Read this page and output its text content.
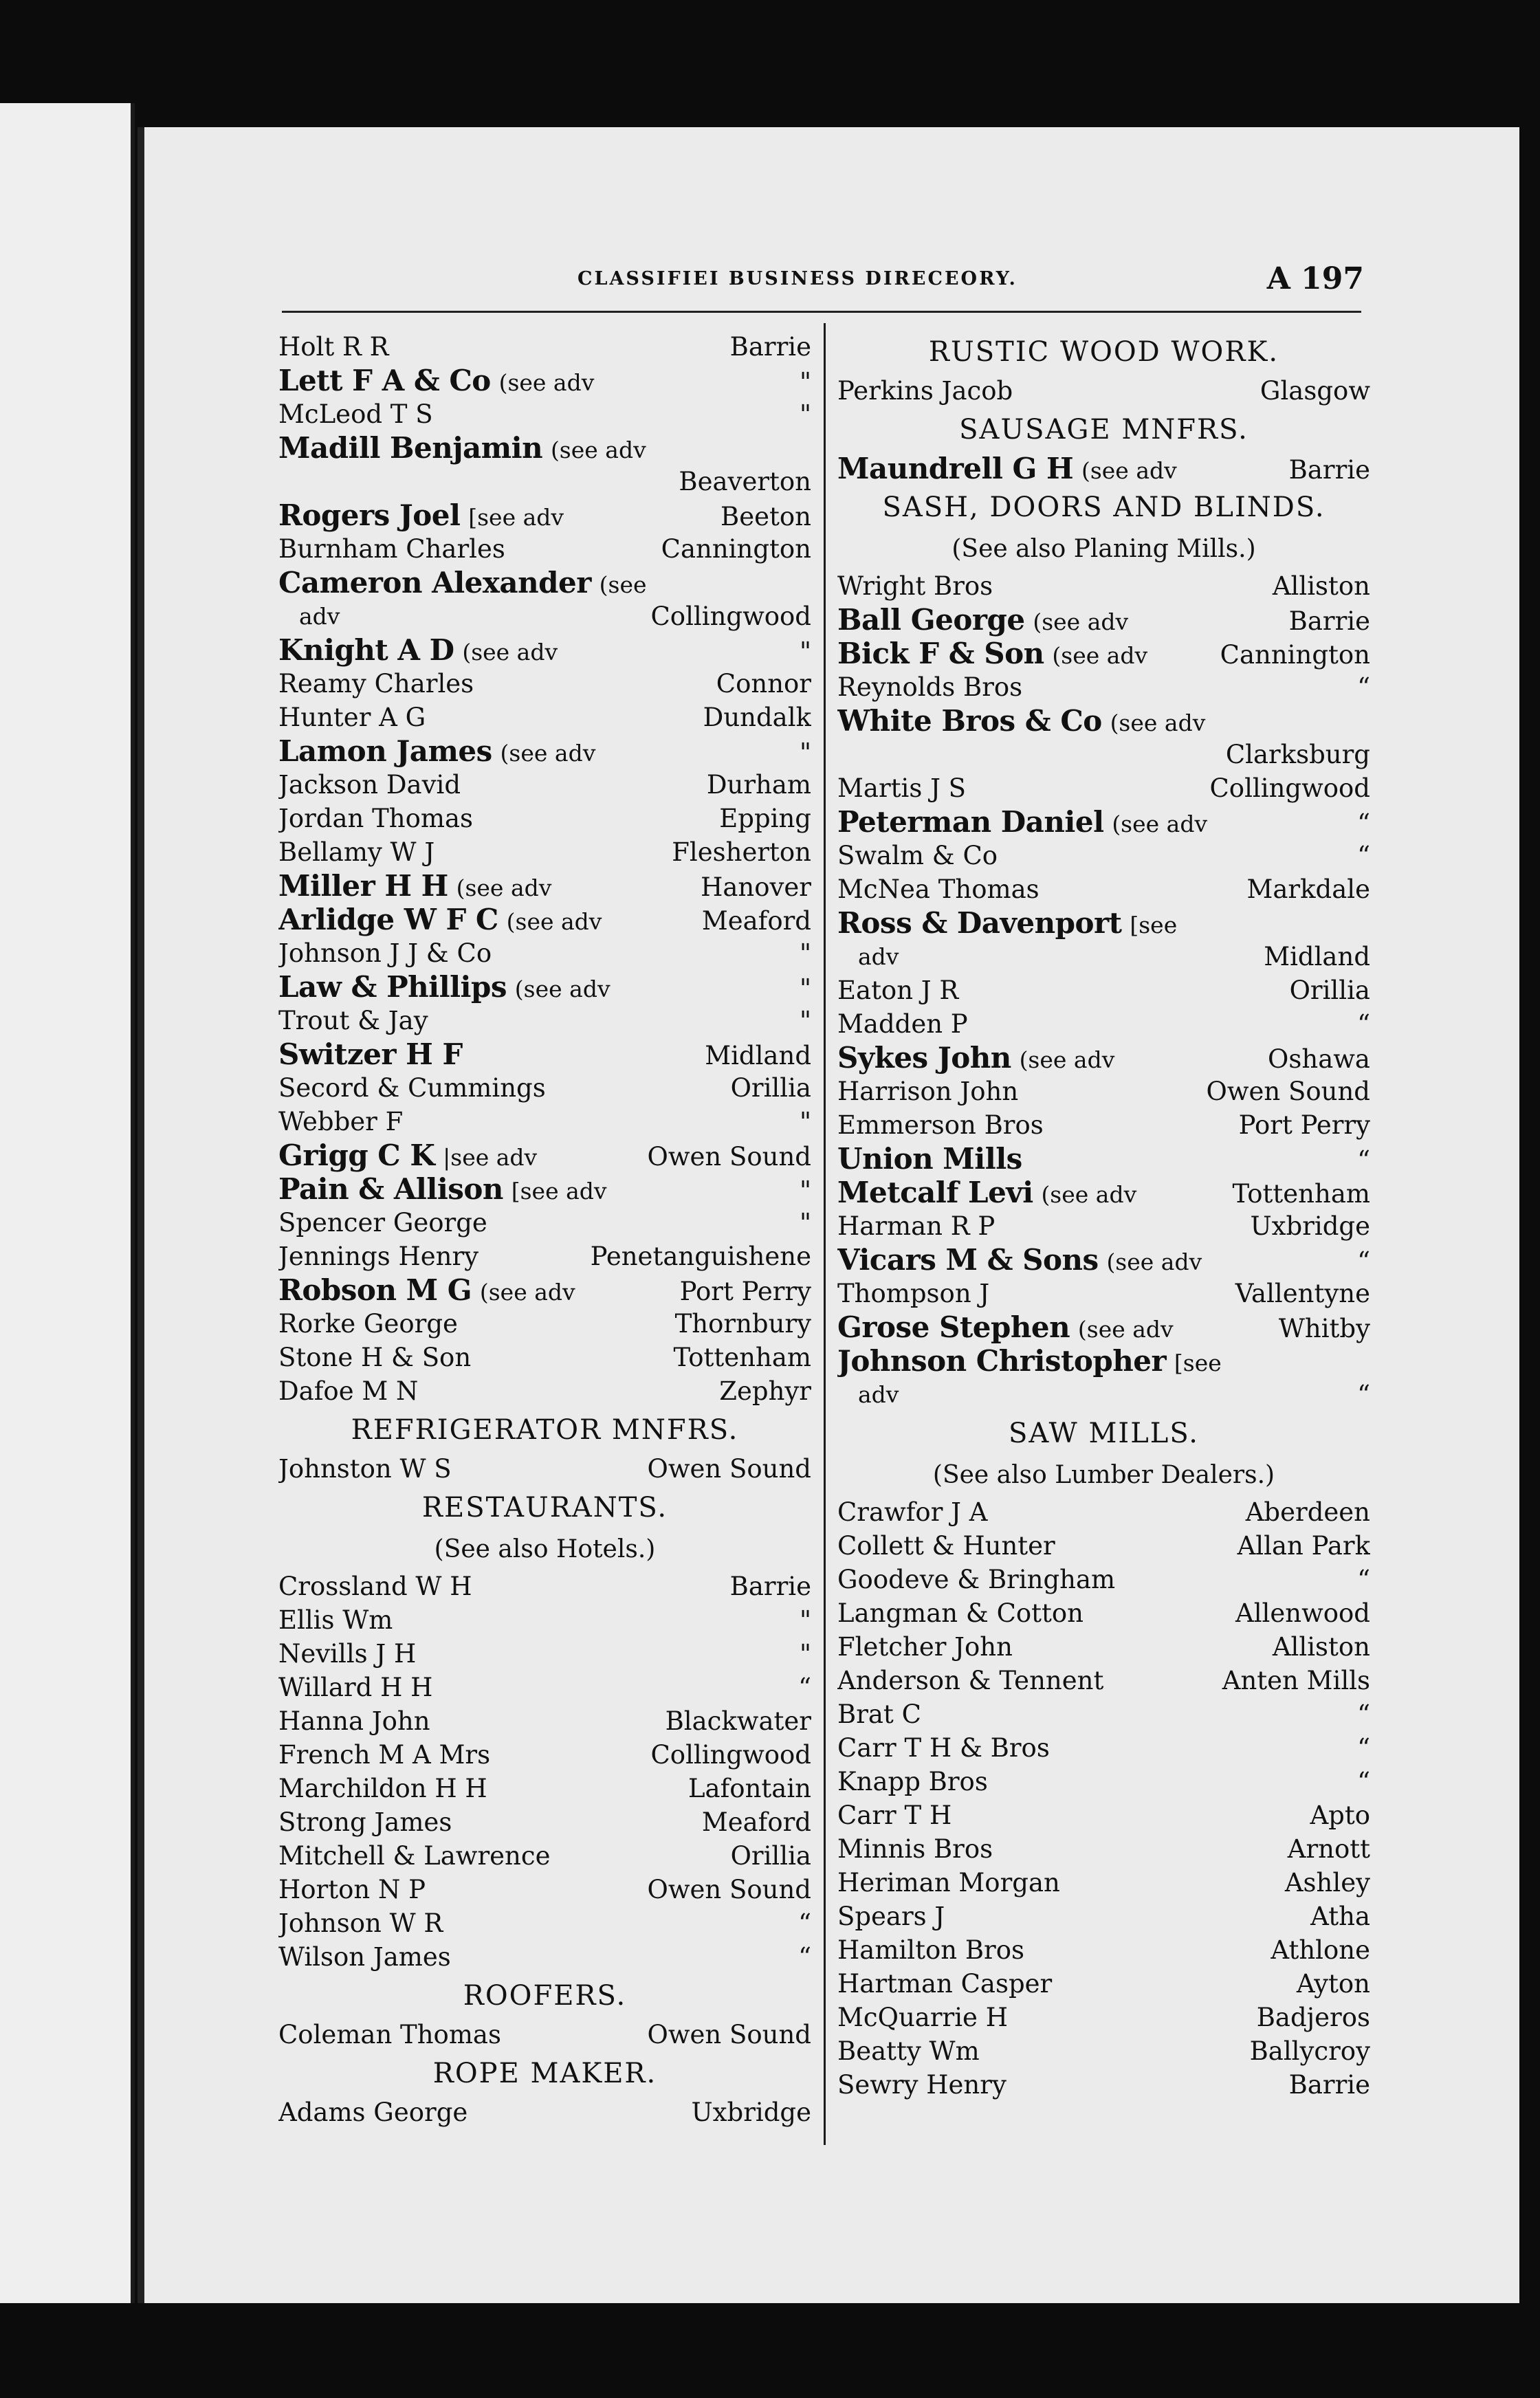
CLASSIFIEI BUSINESS DIRECEORY.	A 197
Holt R R	Barrie
Lett F A & Co (see adv	"
McLeod T S	"
Madill Benjamin (see adv
Beaverton
Rogers Joel [see adv	Beeton
Burnham Charles	Cannington
Cameron Alexander (see
adv	Collingwood
Knight A D (see adv	"
Reamy Charles	Connor
Hunter A G	Dundalk
Lamon James (see adv	"
Jackson David	Durham
Jordan Thomas	Epping
Bellamy W J	Flesherton
Miller H H (see adv	Hanover
Arlidge W F C (see adv	Meaford
Johnson J J & Co	"
Law & Phillips (see adv	"
Trout & Jay	"
Switzer H F	Midland
Secord & Cummings	Orillia
Webber F	"
Grigg C K |see adv	Owen Sound
Pain & Allison [see adv	"
Spencer George	"
Jennings Henry	Penetanguishene
Robson M G (see adv	Port Perry
Rorke George	Thornbury
Stone H & Son	Tottenham
Dafoe M N	Zephyr
REFRIGERATOR MNFRS.
Johnston W S	Owen Sound
RESTAURANTS.
(See also Hotels.)
Crossland W H	Barrie
Ellis Wm	"
Nevills J H	"
Willard H H	“
Hanna John	Blackwater
French M A Mrs	Collingwood
Marchildon H H	Lafontain
Strong James	Meaford
Mitchell & Lawrence	Orillia
Horton N P	Owen Sound
Johnson W R	“
Wilson James	“
ROOFERS.
Coleman Thomas	Owen Sound
ROPE MAKER.
Adams George	Uxbridge
RUSTIC WOOD WORK.
Perkins Jacob	Glasgow
SAUSAGE MNFRS.
Maundrell G H (see adv	Barrie
SASH, DOORS AND BLINDS.
(See also Planing Mills.)
Wright Bros	Alliston
Ball George (see adv	Barrie
Bick F & Son (see adv	Cannington
Reynolds Bros	“
White Bros & Co (see adv
Clarksburg
Martis J S	Collingwood
Peterman Daniel (see adv	“
Swalm & Co	“
McNea Thomas	Markdale
Ross & Davenport [see
adv	Midland
Eaton J R	Orillia
Madden P	“
Sykes John (see adv	Oshawa
Harrison John	Owen Sound
Emmerson Bros	Port Perry
Union Mills	“
Metcalf Levi (see adv	Tottenham
Harman R P	Uxbridge
Vicars M & Sons (see adv	“
Thompson J	Vallentyne
Grose Stephen (see adv	Whitby
Johnson Christopher [see
adv	“
SAW MILLS.
(See also Lumber Dealers.)
Crawfor J A	Aberdeen
Collett & Hunter	Allan Park
Goodeve & Bringham	“
Langman & Cotton	Allenwood
Fletcher John	Alliston
Anderson & Tennent	Anten Mills
Brat C	“
Carr T H & Bros	“
Knapp Bros	“
Carr T H	Apto
Minnis Bros	Arnott
Heriman Morgan	Ashley
Spears J	Atha
Hamilton Bros	Athlone
Hartman Casper	Ayton
McQuarrie H	Badjeros
Beatty Wm	Ballycroy
Sewry Henry	Barrie
